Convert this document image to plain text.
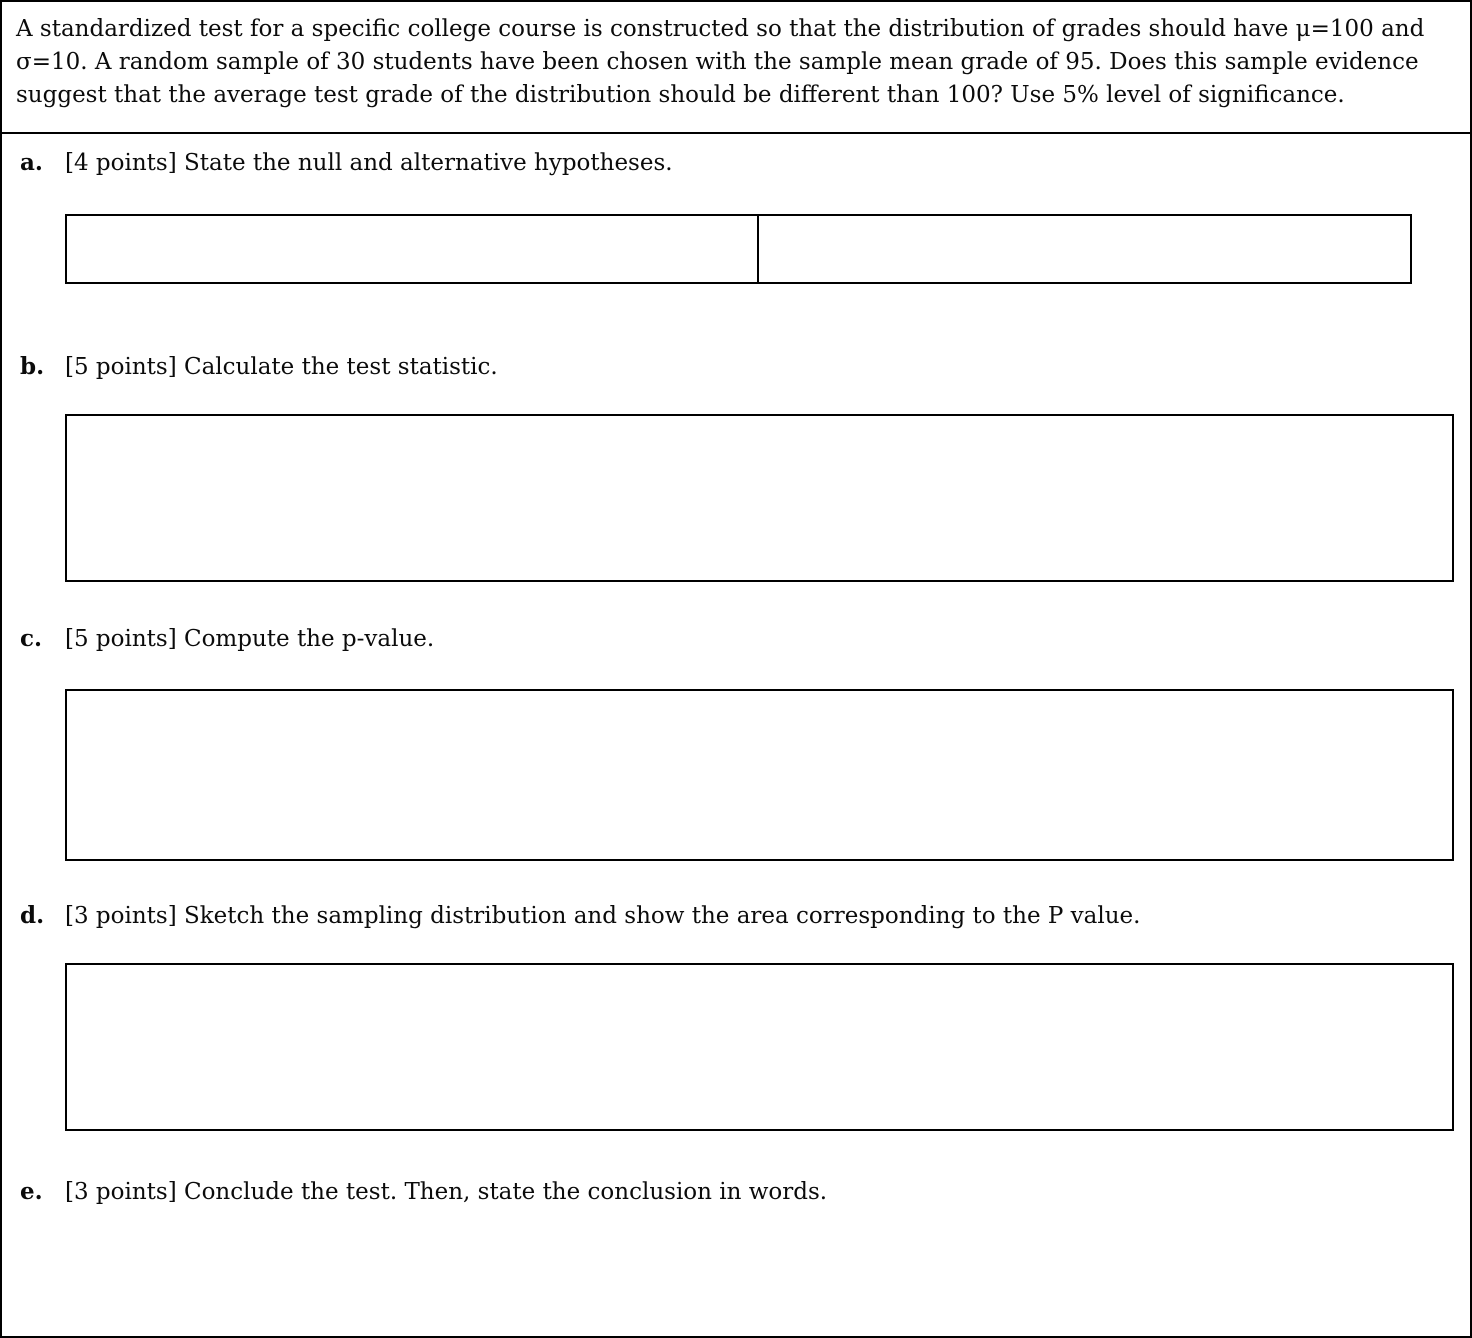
A standardized test for a specific college course is constructed so that the distribution of grades should have μ=100 and σ=10. A random sample of 30 students have been chosen with the sample mean grade of 95. Does this sample evidence suggest that the average test grade of the distribution should be different than 100? Use 5% level of significance.
a. [4 points] State the null and alternative hypotheses.
b. [5 points] Calculate the test statistic.
c. [5 points] Compute the p-value.
d. [3 points] Sketch the sampling distribution and show the area corresponding to the P value.
e. [3 points] Conclude the test. Then, state the conclusion in words.
